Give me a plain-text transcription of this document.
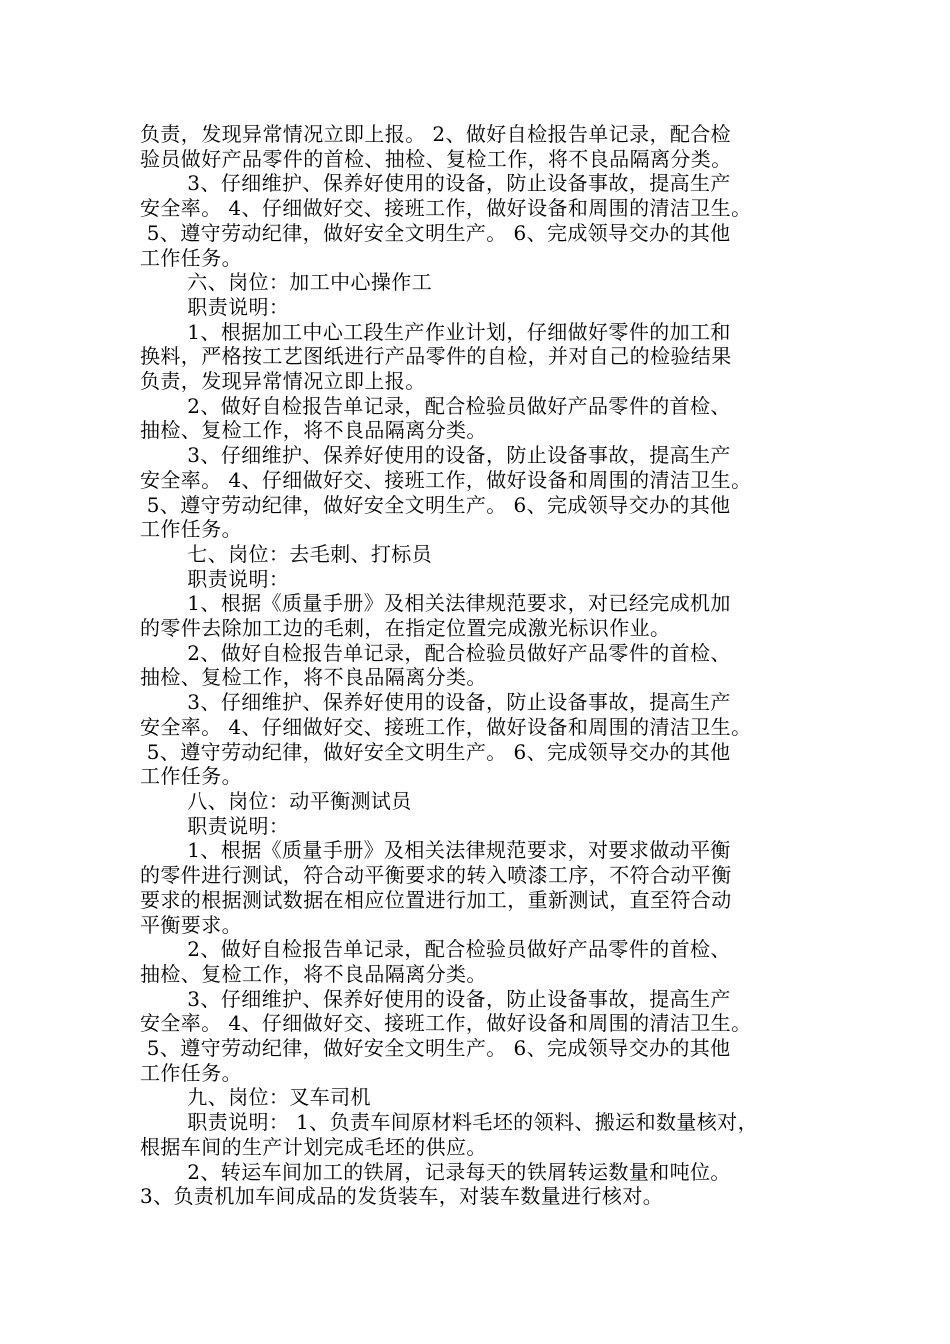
负责，发现异常情况立即上报。 2、做好自检报告单记录，配合检
验员做好产品零件的首检、抽检、复检工作，将不良品隔离分类。
3、仔细维护、保养好使用的设备，防止设备事故，提高生产
安全率。 4、仔细做好交、接班工作，做好设备和周围的清洁卫生。
5、遵守劳动纪律，做好安全文明生产。 6、完成领导交办的其他
工作任务。
六、岗位：加工中心操作工
职责说明：
1、根据加工中心工段生产作业计划，仔细做好零件的加工和
换料，严格按工艺图纸进行产品零件的自检，并对自己的检验结果
负责，发现异常情况立即上报。
2、做好自检报告单记录，配合检验员做好产品零件的首检、
抽检、复检工作，将不良品隔离分类。
3、仔细维护、保养好使用的设备，防止设备事故，提高生产
安全率。 4、仔细做好交、接班工作，做好设备和周围的清洁卫生。
5、遵守劳动纪律，做好安全文明生产。 6、完成领导交办的其他
工作任务。
七、岗位：去毛刺、打标员
职责说明：
1、根据《质量手册》及相关法律规范要求，对已经完成机加
的零件去除加工边的毛刺，在指定位置完成激光标识作业。
2、做好自检报告单记录，配合检验员做好产品零件的首检、
抽检、复检工作，将不良品隔离分类。
3、仔细维护、保养好使用的设备，防止设备事故，提高生产
安全率。 4、仔细做好交、接班工作，做好设备和周围的清洁卫生。
5、遵守劳动纪律，做好安全文明生产。 6、完成领导交办的其他
工作任务。
八、岗位：动平衡测试员
职责说明：
1、根据《质量手册》及相关法律规范要求，对要求做动平衡
的零件进行测试，符合动平衡要求的转入喷漆工序，不符合动平衡
要求的根据测试数据在相应位置进行加工，重新测试，直至符合动
平衡要求。
2、做好自检报告单记录，配合检验员做好产品零件的首检、
抽检、复检工作，将不良品隔离分类。
3、仔细维护、保养好使用的设备，防止设备事故，提高生产
安全率。 4、仔细做好交、接班工作，做好设备和周围的清洁卫生。
5、遵守劳动纪律，做好安全文明生产。 6、完成领导交办的其他
工作任务。
九、岗位：叉车司机
职责说明： 1、负责车间原材料毛坯的领料、搬运和数量核对，
根据车间的生产计划完成毛坯的供应。
2、转运车间加工的铁屑，记录每天的铁屑转运数量和吨位。
3、负责机加车间成品的发货装车，对装车数量进行核对。
